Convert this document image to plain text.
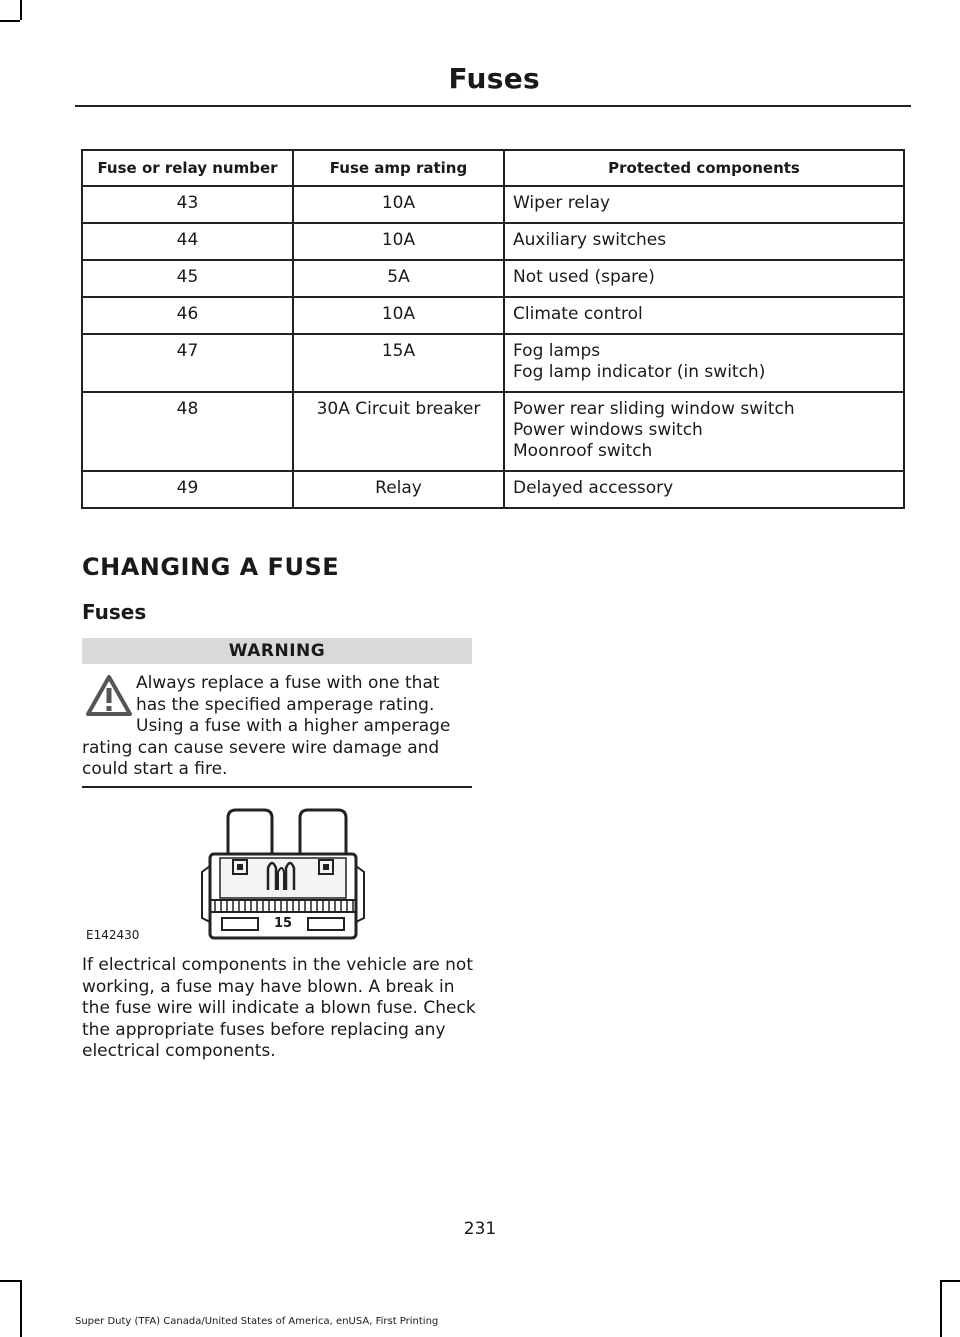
Fuses
Fuse or relay number	Fuse amp rating	Protected components
43	10A	Wiper relay

44	10A	Auxiliary switches

45	5A	Not used (spare)

46	10A	Climate control

47	15A	Fog lamps
Fog lamp indicator (in switch)

48	30A Circuit breaker	Power rear sliding window switch
Power windows switch
Moonroof switch

49	Relay	Delayed accessory
CHANGING A FUSE
Fuses
WARNING
Always replace a fuse with one that has the specified amperage rating. Using a fuse with a higher amperage rating can cause severe wire damage and could start a fire.
15
E142430
If electrical components in the vehicle are not working, a fuse may have blown. A break in the fuse wire will indicate a blown fuse. Check the appropriate fuses before replacing any electrical components.
231
Super Duty (TFA) Canada/United States of America, enUSA, First Printing
